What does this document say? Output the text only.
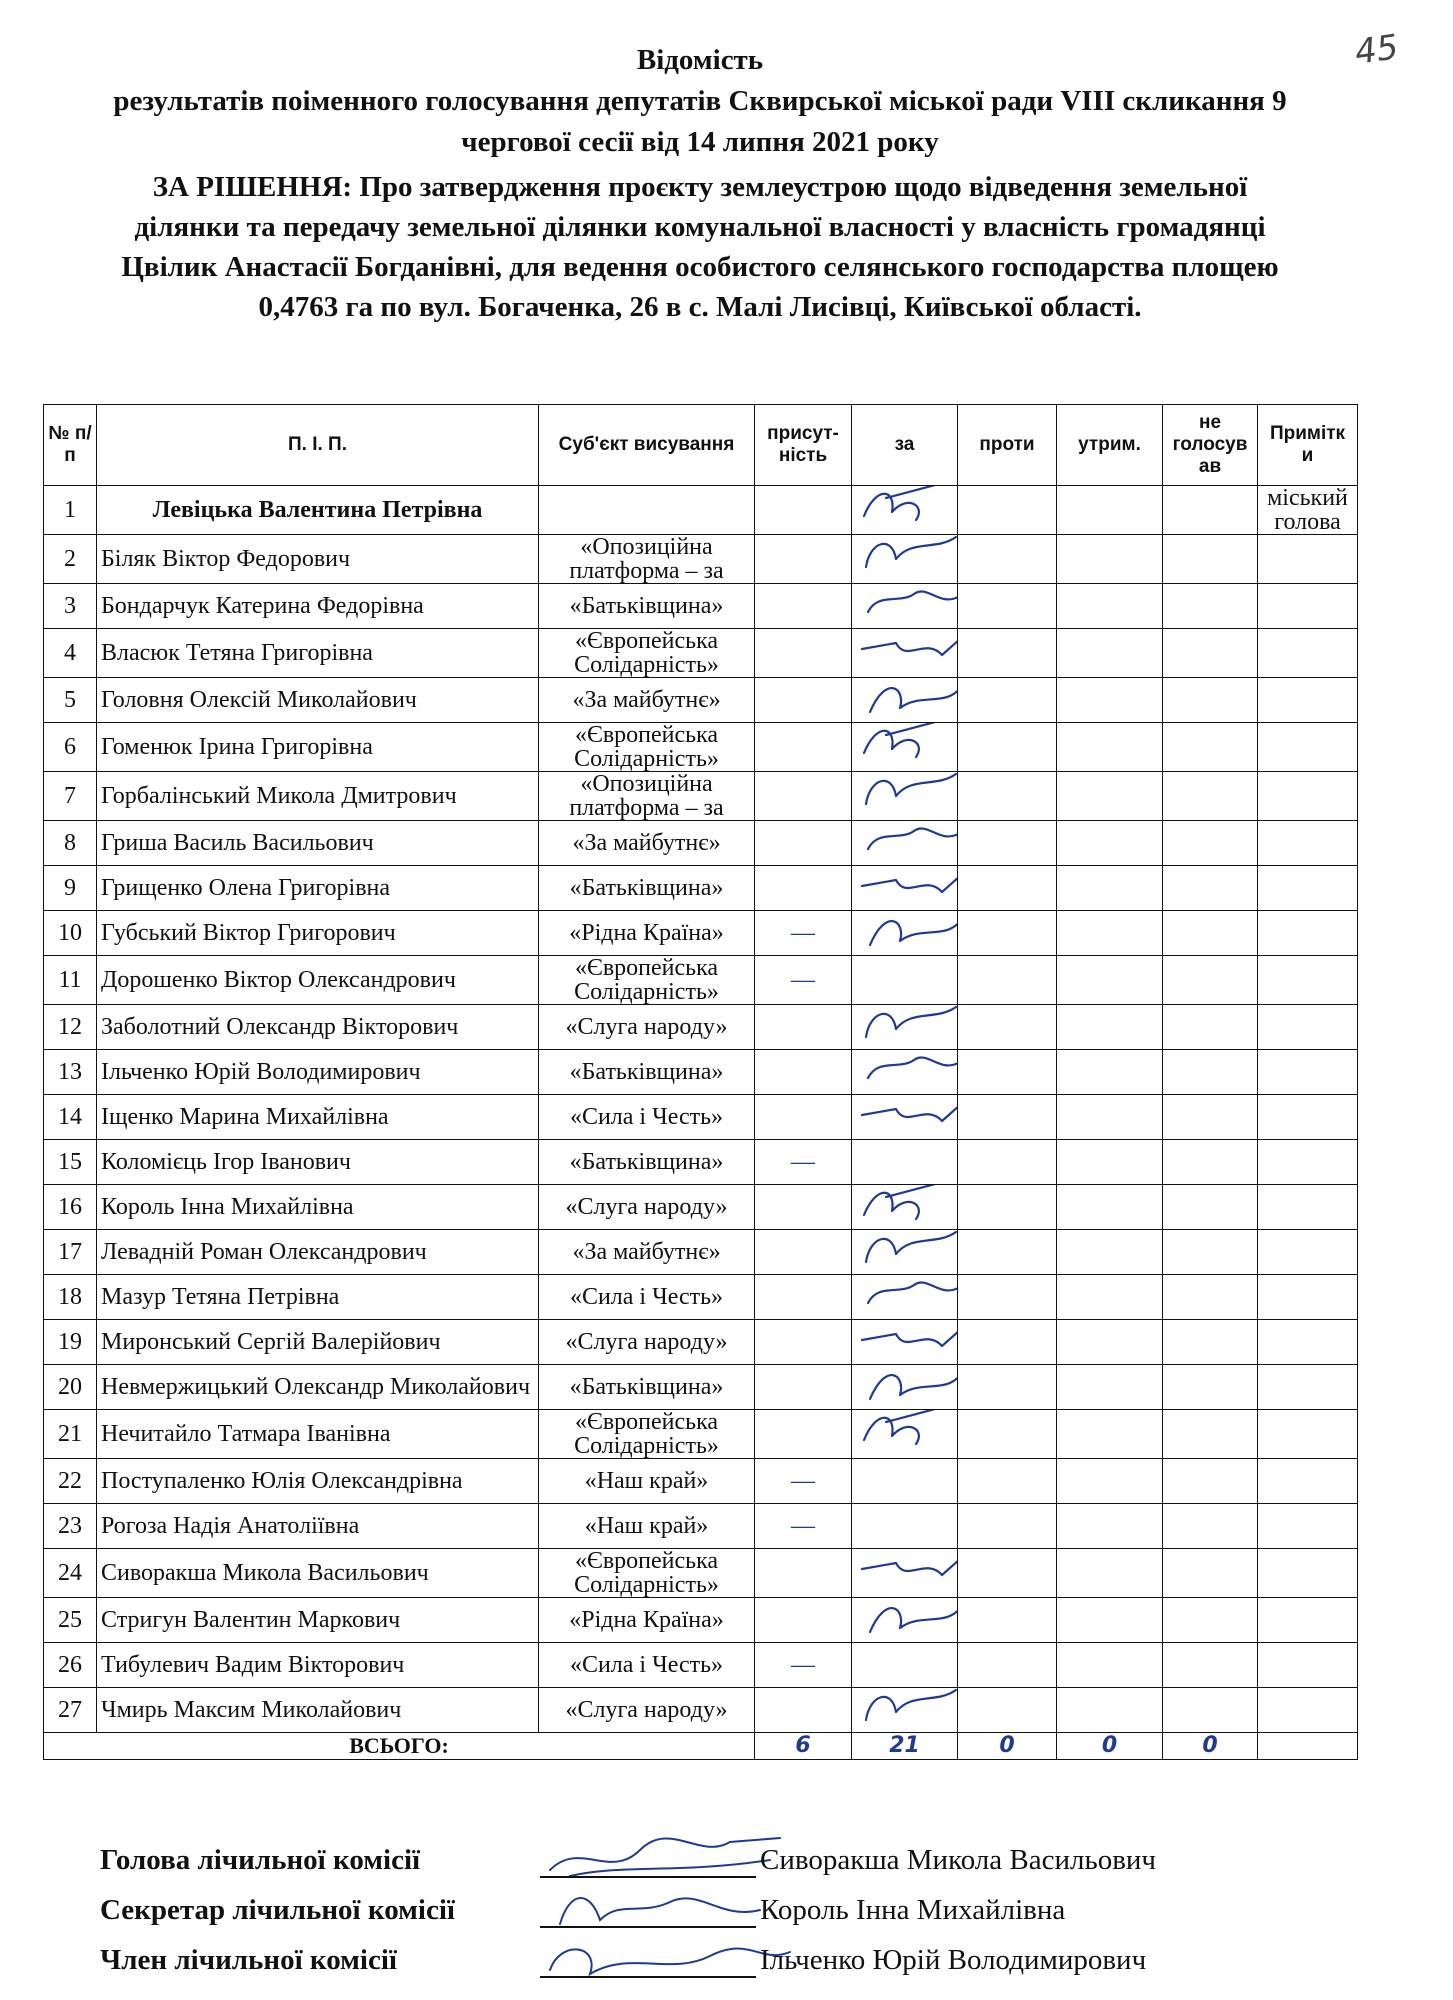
45
Відомість
результатів поіменного голосування депутатів Сквирської міської ради VIII скликання 9
чергової сесії від 14 липня 2021 року
ЗА РІШЕННЯ: Про затвердження проєкту землеустрою щодо відведення земельної
ділянки та передачу земельної ділянки комунальної власності у власність громадянці
Цвілик Анастасії Богданівні, для ведення особистого селянського господарства площею
0,4763 га по вул. Богаченка, 26 в с. Малі Лисівці, Київської області.
№ п/п	П. І. П.	Суб'єкт висування	присут-ність	за	проти	утрим.	не голосув ав	Примітк и
1	Левіцька Валентина Петрівна							міський голова
2	Біляк Віктор Федорович	«Опозиційна платформа – за		

3	Бондарчук Катерина Федорівна	«Батьківщина»		

4	Власюк Тетяна Григорівна	«Європейська Солідарність»		

5	Головня Олексій Миколайович	«За майбутнє»		

6	Гоменюк Ірина Григорівна	«Європейська Солідарність»		

7	Горбалінський Микола Дмитрович	«Опозиційна платформа – за		

8	Гриша Василь Васильович	«За майбутнє»		

9	Грищенко Олена Григорівна	«Батьківщина»		

10	Губський Віктор Григорович	«Рідна Країна»	—	

11	Дорошенко Віктор Олександрович	«Європейська Солідарність»	—					
12	Заболотний Олександр Вікторович	«Слуга народу»		

13	Ільченко Юрій Володимирович	«Батьківщина»		

14	Іщенко Марина Михайлівна	«Сила і Честь»		

15	Коломієць Ігор Іванович	«Батьківщина»	—					
16	Король Інна Михайлівна	«Слуга народу»		

17	Левадній Роман Олександрович	«За майбутнє»		

18	Мазур Тетяна Петрівна	«Сила і Честь»		

19	Миронський Сергій Валерійович	«Слуга народу»		

20	Невмержицький Олександр Миколайович	«Батьківщина»		

21	Нечитайло Татмара Іванівна	«Європейська Солідарність»		

22	Поступаленко Юлія Олександрівна	«Наш край»	—					
23	Рогоза Надія Анатоліївна	«Наш край»	—					
24	Сиворакша Микола Васильович	«Європейська Солідарність»		

25	Стригун Валентин Маркович	«Рідна Країна»		

26	Тибулевич Вадим Вікторович	«Сила і Честь»	—					
27	Чмирь Максим Миколайович	«Слуга народу»		

ВСЬОГО:			6	21	0	0	0	
Голова лічильної комісії	Сиворакша Микола Васильович
Секретар лічильної комісії	Король Інна Михайлівна
Член лічильної комісії	Ільченко Юрій Володимирович
